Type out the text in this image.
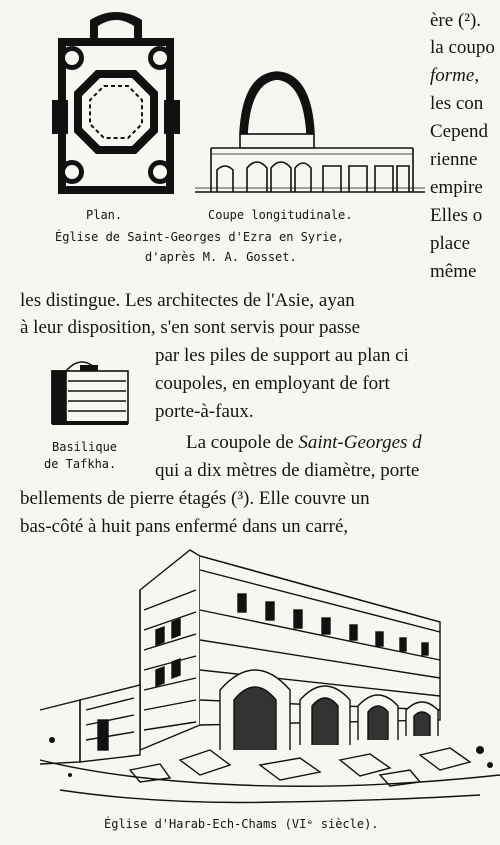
ère (²).
la coupo
forme,
les con
Cepend
rienne
empire
Elles o
place
même
Plan.	Coupe longitudinale.
Église de Saint-Georges d'Ezra en Syrie,
d'après M. A. Gosset.
les distingue. Les architectes de l'Asie, ayan
à leur disposition, s'en sont servis pour passe
par les piles de support au plan ci
coupoles, en employant de fort
porte-à-faux.
Basilique
de Tafkha.
La coupole de Saint-Georges d
qui a dix mètres de diamètre, porte
bellements de pierre étagés (³). Elle couvre un
bas-côté à huit pans enfermé dans un carré,
Église d'Harab-Ech-Chams (VIᵉ siècle).
